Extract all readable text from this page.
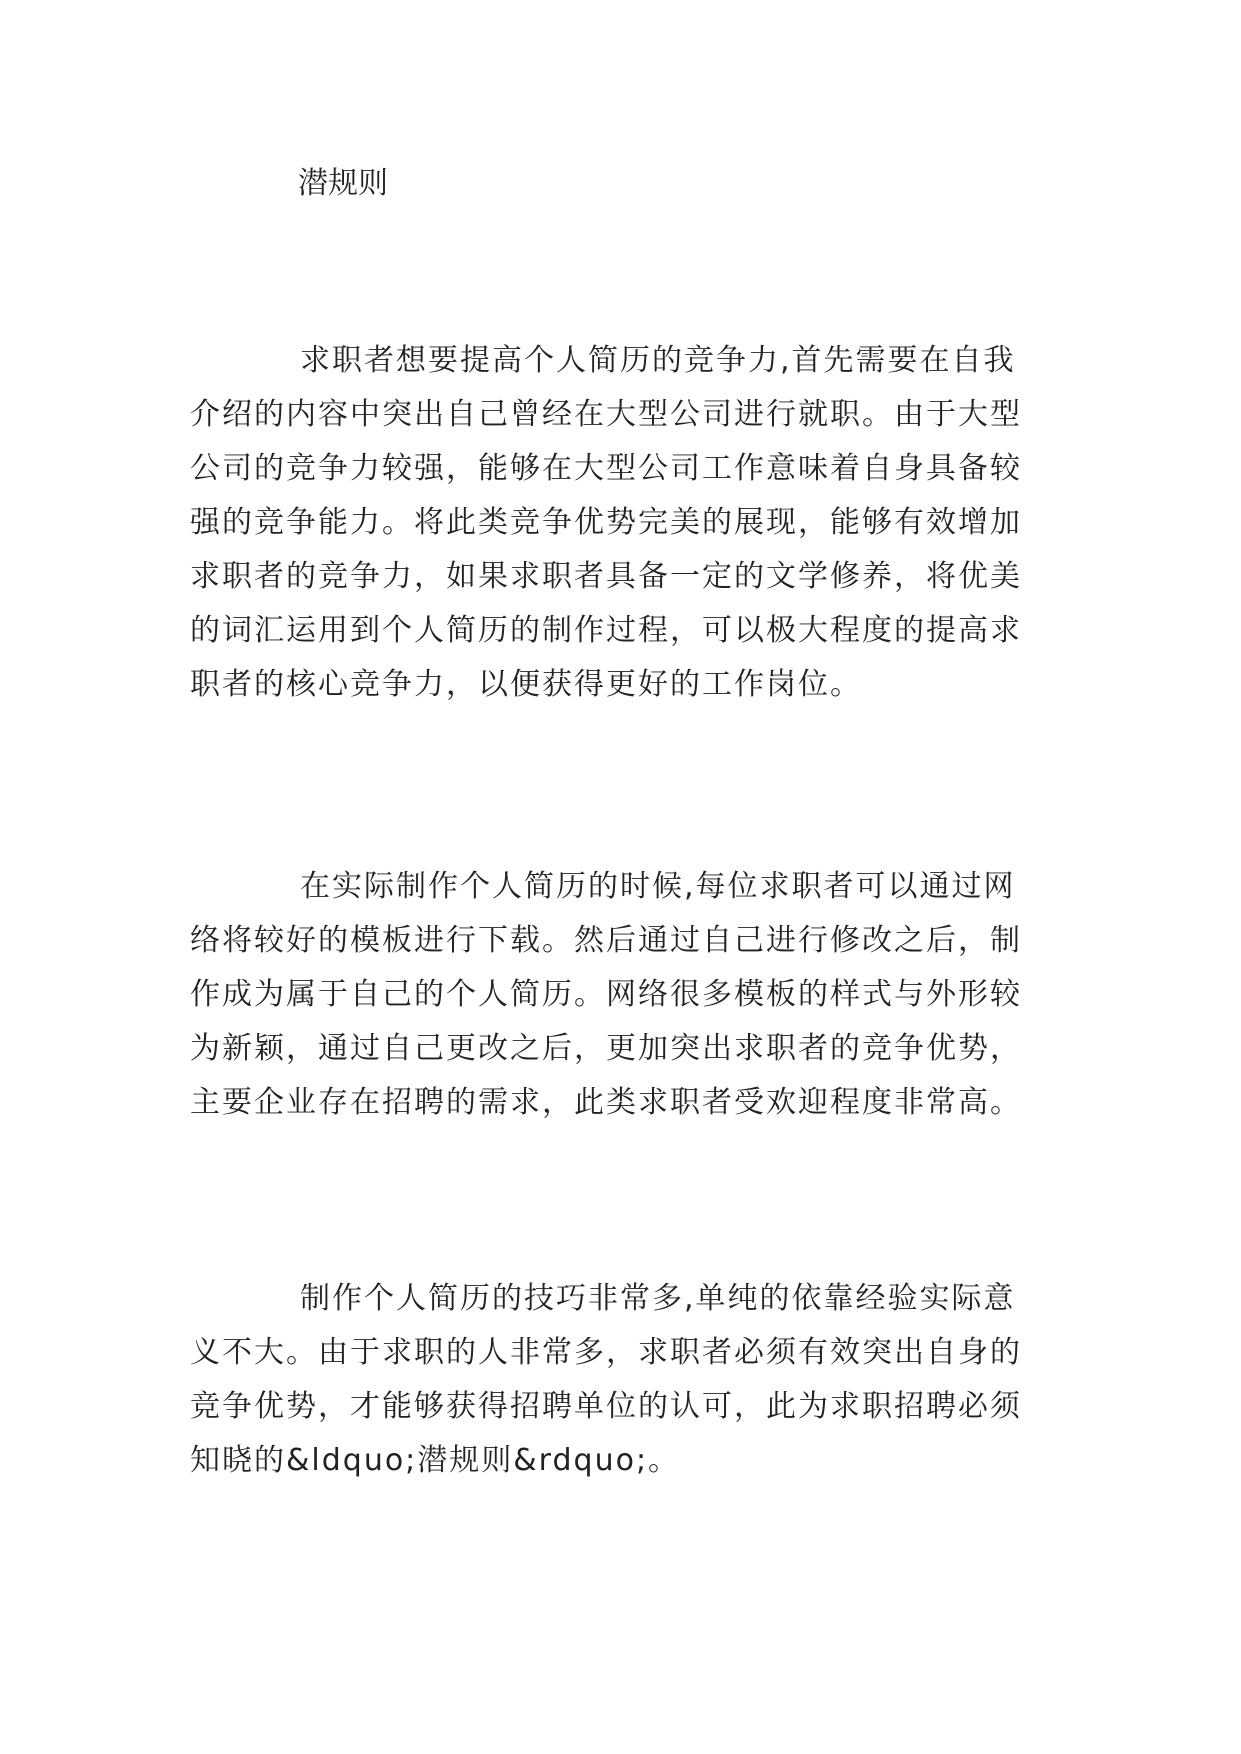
潜规则
求职者想要提高个人简历的竞争力,首先需要在自我
介绍的内容中突出自己曾经在大型公司进行就职。由于大型
公司的竞争力较强，能够在大型公司工作意味着自身具备较
强的竞争能力。将此类竞争优势完美的展现，能够有效增加
求职者的竞争力，如果求职者具备一定的文学修养，将优美
的词汇运用到个人简历的制作过程，可以极大程度的提高求
职者的核心竞争力，以便获得更好的工作岗位。
在实际制作个人简历的时候,每位求职者可以通过网
络将较好的模板进行下载。然后通过自己进行修改之后，制
作成为属于自己的个人简历。网络很多模板的样式与外形较
为新颖，通过自己更改之后，更加突出求职者的竞争优势，
主要企业存在招聘的需求，此类求职者受欢迎程度非常高。
制作个人简历的技巧非常多,单纯的依靠经验实际意
义不大。由于求职的人非常多，求职者必须有效突出自身的
竞争优势，才能够获得招聘单位的认可，此为求职招聘必须
知晓的&ldquo;潜规则&rdquo;。
